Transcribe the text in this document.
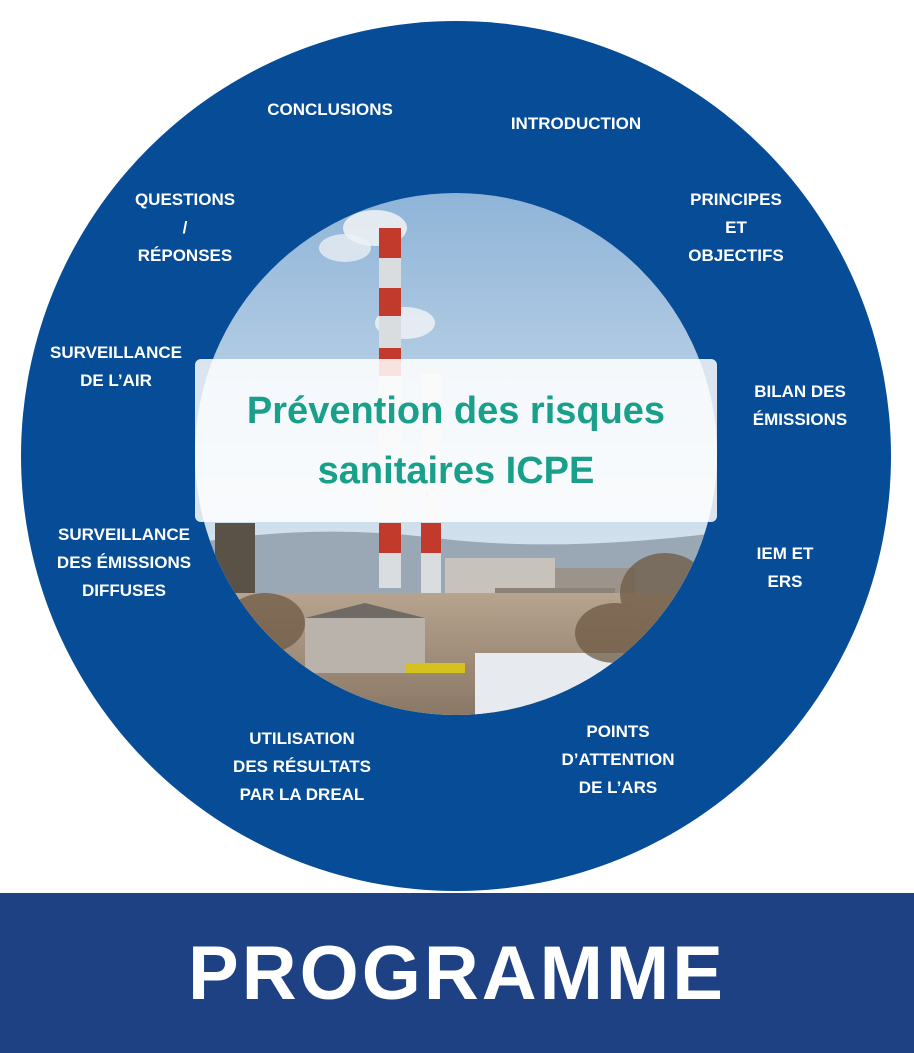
Prévention des risques
sanitaires ICPE
CONCLUSIONS
INTRODUCTION
QUESTIONS
/
RÉPONSES
PRINCIPES
ET
OBJECTIFS
SURVEILLANCE
DE L’AIR
BILAN DES
ÉMISSIONS
SURVEILLANCE
DES ÉMISSIONS
DIFFUSES
IEM ET
ERS
UTILISATION
DES RÉSULTATS
PAR LA DREAL
POINTS
D’ATTENTION
DE L’ARS
PROGRAMME
